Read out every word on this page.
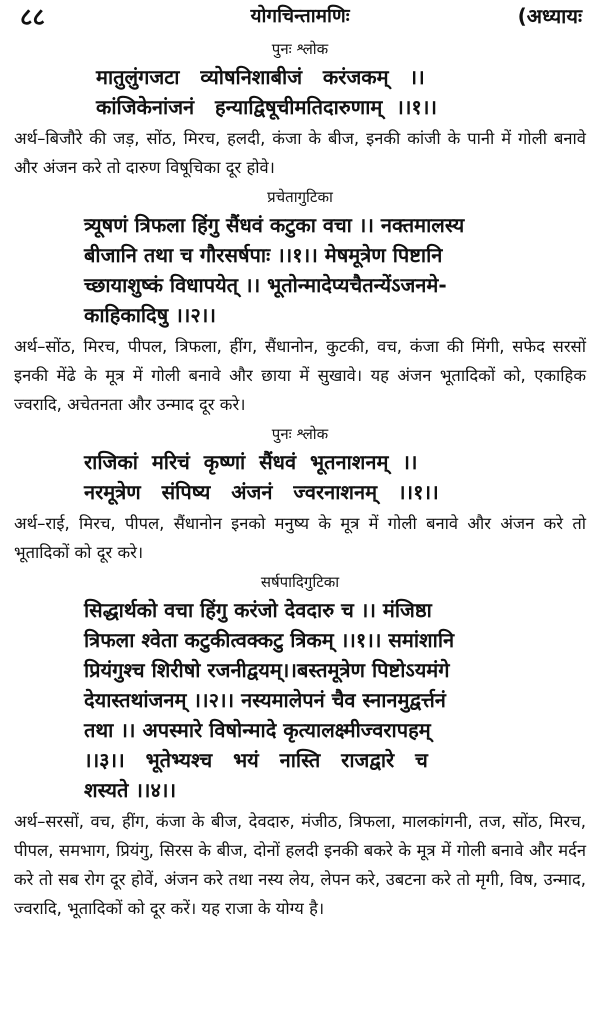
८८	योगचिन्तामणिः	(अध्यायः
पुनः श्लोक
मातुलुंगजटा   व्योषनिशाबीजं   करंजकम्   ।।
कांजिकेनांजनं   हन्याद्विषूचीमतिदारुणाम्  ।।१।।
अर्थ–बिजौरे की जड़, सोंठ, मिरच, हलदी, कंजा के बीज, इनकी कांजी के पानी में गोली बनावे और अंजन करे तो दारुण विषूचिका दूर होवे।
प्रचेतागुटिका
त्र्यूषणं त्रिफला हिंगु सैंधवं कटुका वचा ।। नक्तमालस्य
बीजानि तथा च गौरसर्षपाः ।।१।। मेषमूत्रेण पिष्टानि
च्छायाशुष्कं विधापयेत् ।। भूतोन्मादेप्यचैतन्येंऽजनमे-
काहिकादिषु ।।२।।
अर्थ–सोंठ, मिरच, पीपल, त्रिफला, हींग, सैंधानोन, कुटकी, वच, कंजा की मिंगी, सफेद सरसों इनकी मेंढे के मूत्र में गोली बनावे और छाया में सुखावे। यह अंजन भूतादिकों को, एकाहिक ज्वरादि, अचेतनता और उन्माद दूर करे।
पुनः श्लोक
राजिकां  मरिचं  कृष्णां  सैंधवं  भूतनाशनम्  ।।
नरमूत्रेण   संपिष्य   अंजनं   ज्वरनाशनम्   ।।१।।
अर्थ–राई, मिरच, पीपल, सैंधानोन इनको मनुष्य के मूत्र में गोली बनावे और अंजन करे तो भूतादिकों को दूर करे।
सर्षपादिगुटिका
सिद्धार्थको वचा हिंगु करंजो देवदारु च ।। मंजिष्ठा
त्रिफला श्वेता कटुकीत्वक्कटु त्रिकम् ।।१।। समांशानि
प्रियंगुश्च शिरीषो रजनीद्वयम्।।बस्तमूत्रेण पिष्टोऽयमंगे
देयास्तथांजनम् ।।२।। नस्यमालेपनं चैव स्नानमुद्वर्त्तनं
तथा ।। अपस्मारे विषोन्मादे कृत्यालक्ष्मीज्वरापहम्
।।३।।   भूतेभ्यश्च   भयं   नास्ति   राजद्वारे   च
शस्यते ।।४।।
अर्थ–सरसों, वच, हींग, कंजा के बीज, देवदारु, मंजीठ, त्रिफला, मालकांगनी, तज, सोंठ, मिरच, पीपल, समभाग, प्रियंगु, सिरस के बीज, दोनों हलदी इनकी बकरे के मूत्र में गोली बनावे और मर्दन करे तो सब रोग दूर होवें, अंजन करे तथा नस्य लेय, लेपन करे, उबटना करे तो मृगी, विष, उन्माद, ज्वरादि, भूतादिकों को दूर करें। यह राजा के योग्य है।
